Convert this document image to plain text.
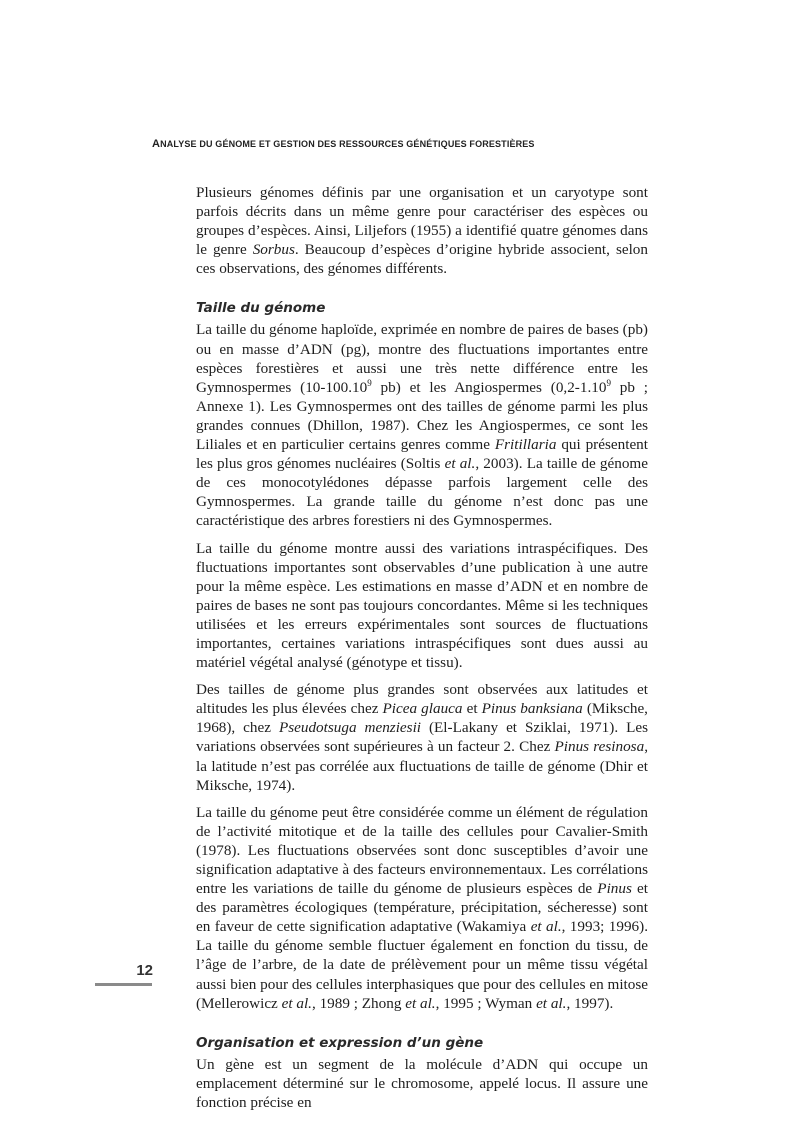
ANALYSE DU GÉNOME ET GESTION DES RESSOURCES GÉNÉTIQUES FORESTIÈRES

Plusieurs génomes définis par une organisation et un caryotype sont parfois décrits dans un même genre pour caractériser des espèces ou groupes d’espèces. Ainsi, Liljefors (1955) a identifié quatre génomes dans le genre Sorbus. Beaucoup d’espèces d’origine hybride associent, selon ces observations, des génomes différents.

Taille du génome

La taille du génome haploïde, exprimée en nombre de paires de bases (pb) ou en masse d’ADN (pg), montre des fluctuations importantes entre espèces forestières et aussi une très nette différence entre les Gymnospermes (10-100.10$^9$ pb) et les Angiospermes (0,2-1.10$^9$ pb ; Annexe 1). Les Gymnospermes ont des tailles de génome parmi les plus grandes connues (Dhillon, 1987). Chez les Angiospermes, ce sont les Liliales et en particulier certains genres comme Fritillaria qui présentent les plus gros génomes nucléaires (Soltis et al., 2003). La taille de génome de ces monocotylédones dépasse parfois largement celle des Gymnospermes. La grande taille du génome n’est donc pas une caractéristique des arbres forestiers ni des Gymnospermes.

La taille du génome montre aussi des variations intraspécifiques. Des fluctuations importantes sont observables d’une publication à une autre pour la même espèce. Les estimations en masse d’ADN et en nombre de paires de bases ne sont pas toujours concordantes. Même si les techniques utilisées et les erreurs expérimentales sont sources de fluctuations importantes, certaines variations intraspécifiques sont dues aussi au matériel végétal analysé (génotype et tissu).

Des tailles de génome plus grandes sont observées aux latitudes et altitudes les plus élevées chez Picea glauca et Pinus banksiana (Miksche, 1968), chez Pseudotsuga menziesii (El-Lakany et Sziklai, 1971). Les variations observées sont supérieures à un facteur 2. Chez Pinus resinosa, la latitude n’est pas corrélée aux fluctuations de taille de génome (Dhir et Miksche, 1974).

La taille du génome peut être considérée comme un élément de régulation de l’activité mitotique et de la taille des cellules pour Cavalier-Smith (1978). Les fluctuations observées sont donc susceptibles d’avoir une signification adaptative à des facteurs environnementaux. Les corrélations entre les variations de taille du génome de plusieurs espèces de Pinus et des paramètres écologiques (température, précipitation, sécheresse) sont en faveur de cette signification adaptative (Wakamiya et al., 1993; 1996). La taille du génome semble fluctuer également en fonction du tissu, de l’âge de l’arbre, de la date de prélèvement pour un même tissu végétal aussi bien pour des cellules interphasiques que pour des cellules en mitose (Mellerowicz et al., 1989 ; Zhong et al., 1995 ; Wyman et al., 1997).

Organisation et expression d’un gène

Un gène est un segment de la molécule d’ADN qui occupe un emplacement déterminé sur le chromosome, appelé locus. Il assure une fonction précise en

12
